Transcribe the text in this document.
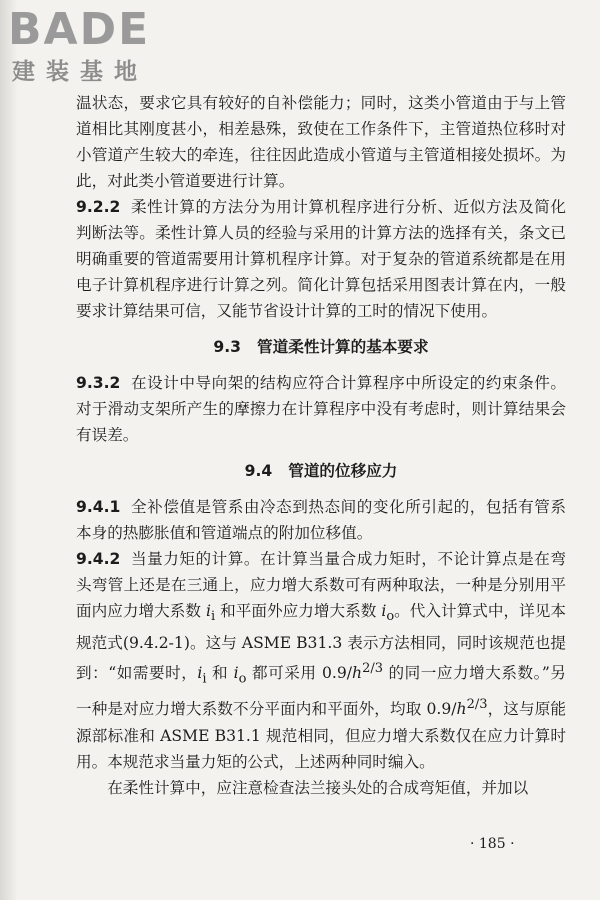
BADE
建装基地

温状态，要求它具有较好的自补偿能力；同时，这类小管道由于与上管道相比其刚度甚小，相差悬殊，致使在工作条件下，主管道热位移时对小管道产生较大的牵连，往往因此造成小管道与主管道相接处损坏。为此，对此类小管道要进行计算。

9.2.2 柔性计算的方法分为用计算机程序进行分析、近似方法及简化判断法等。柔性计算人员的经验与采用的计算方法的选择有关，条文已明确重要的管道需要用计算机程序计算。对于复杂的管道系统都是在用电子计算机程序进行计算之列。简化计算包括采用图表计算在内，一般要求计算结果可信，又能节省设计计算的工时的情况下使用。

9.3 管道柔性计算的基本要求

9.3.2 在设计中导向架的结构应符合计算程序中所设定的约束条件。对于滑动支架所产生的摩擦力在计算程序中没有考虑时，则计算结果会有误差。

9.4 管道的位移应力

9.4.1 全补偿值是管系由冷态到热态间的变化所引起的，包括有管系本身的热膨胀值和管道端点的附加位移值。

9.4.2 当量力矩的计算。在计算当量合成力矩时，不论计算点是在弯头弯管上还是在三通上，应力增大系数可有两种取法，一种是分别用平面内应力增大系数 $i_i$ 和平面外应力增大系数 $i_o$。代入计算式中，详见本规范式(9.4.2-1)。这与 ASME B31.3 表示方法相同，同时该规范也提到：“如需要时，$i_i$ 和 $i_o$ 都可采用 $0.9/h^{2/3}$ 的同一应力增大系数。”另一种是对应力增大系数不分平面内和平面外，均取 $0.9/h^{2/3}$，这与原能源部标准和 ASME B31.1 规范相同，但应力增大系数仅在应力计算时用。本规范求当量力矩的公式，上述两种同时编入。

在柔性计算中，应注意检查法兰接头处的合成弯矩值，并加以

· 185 ·
